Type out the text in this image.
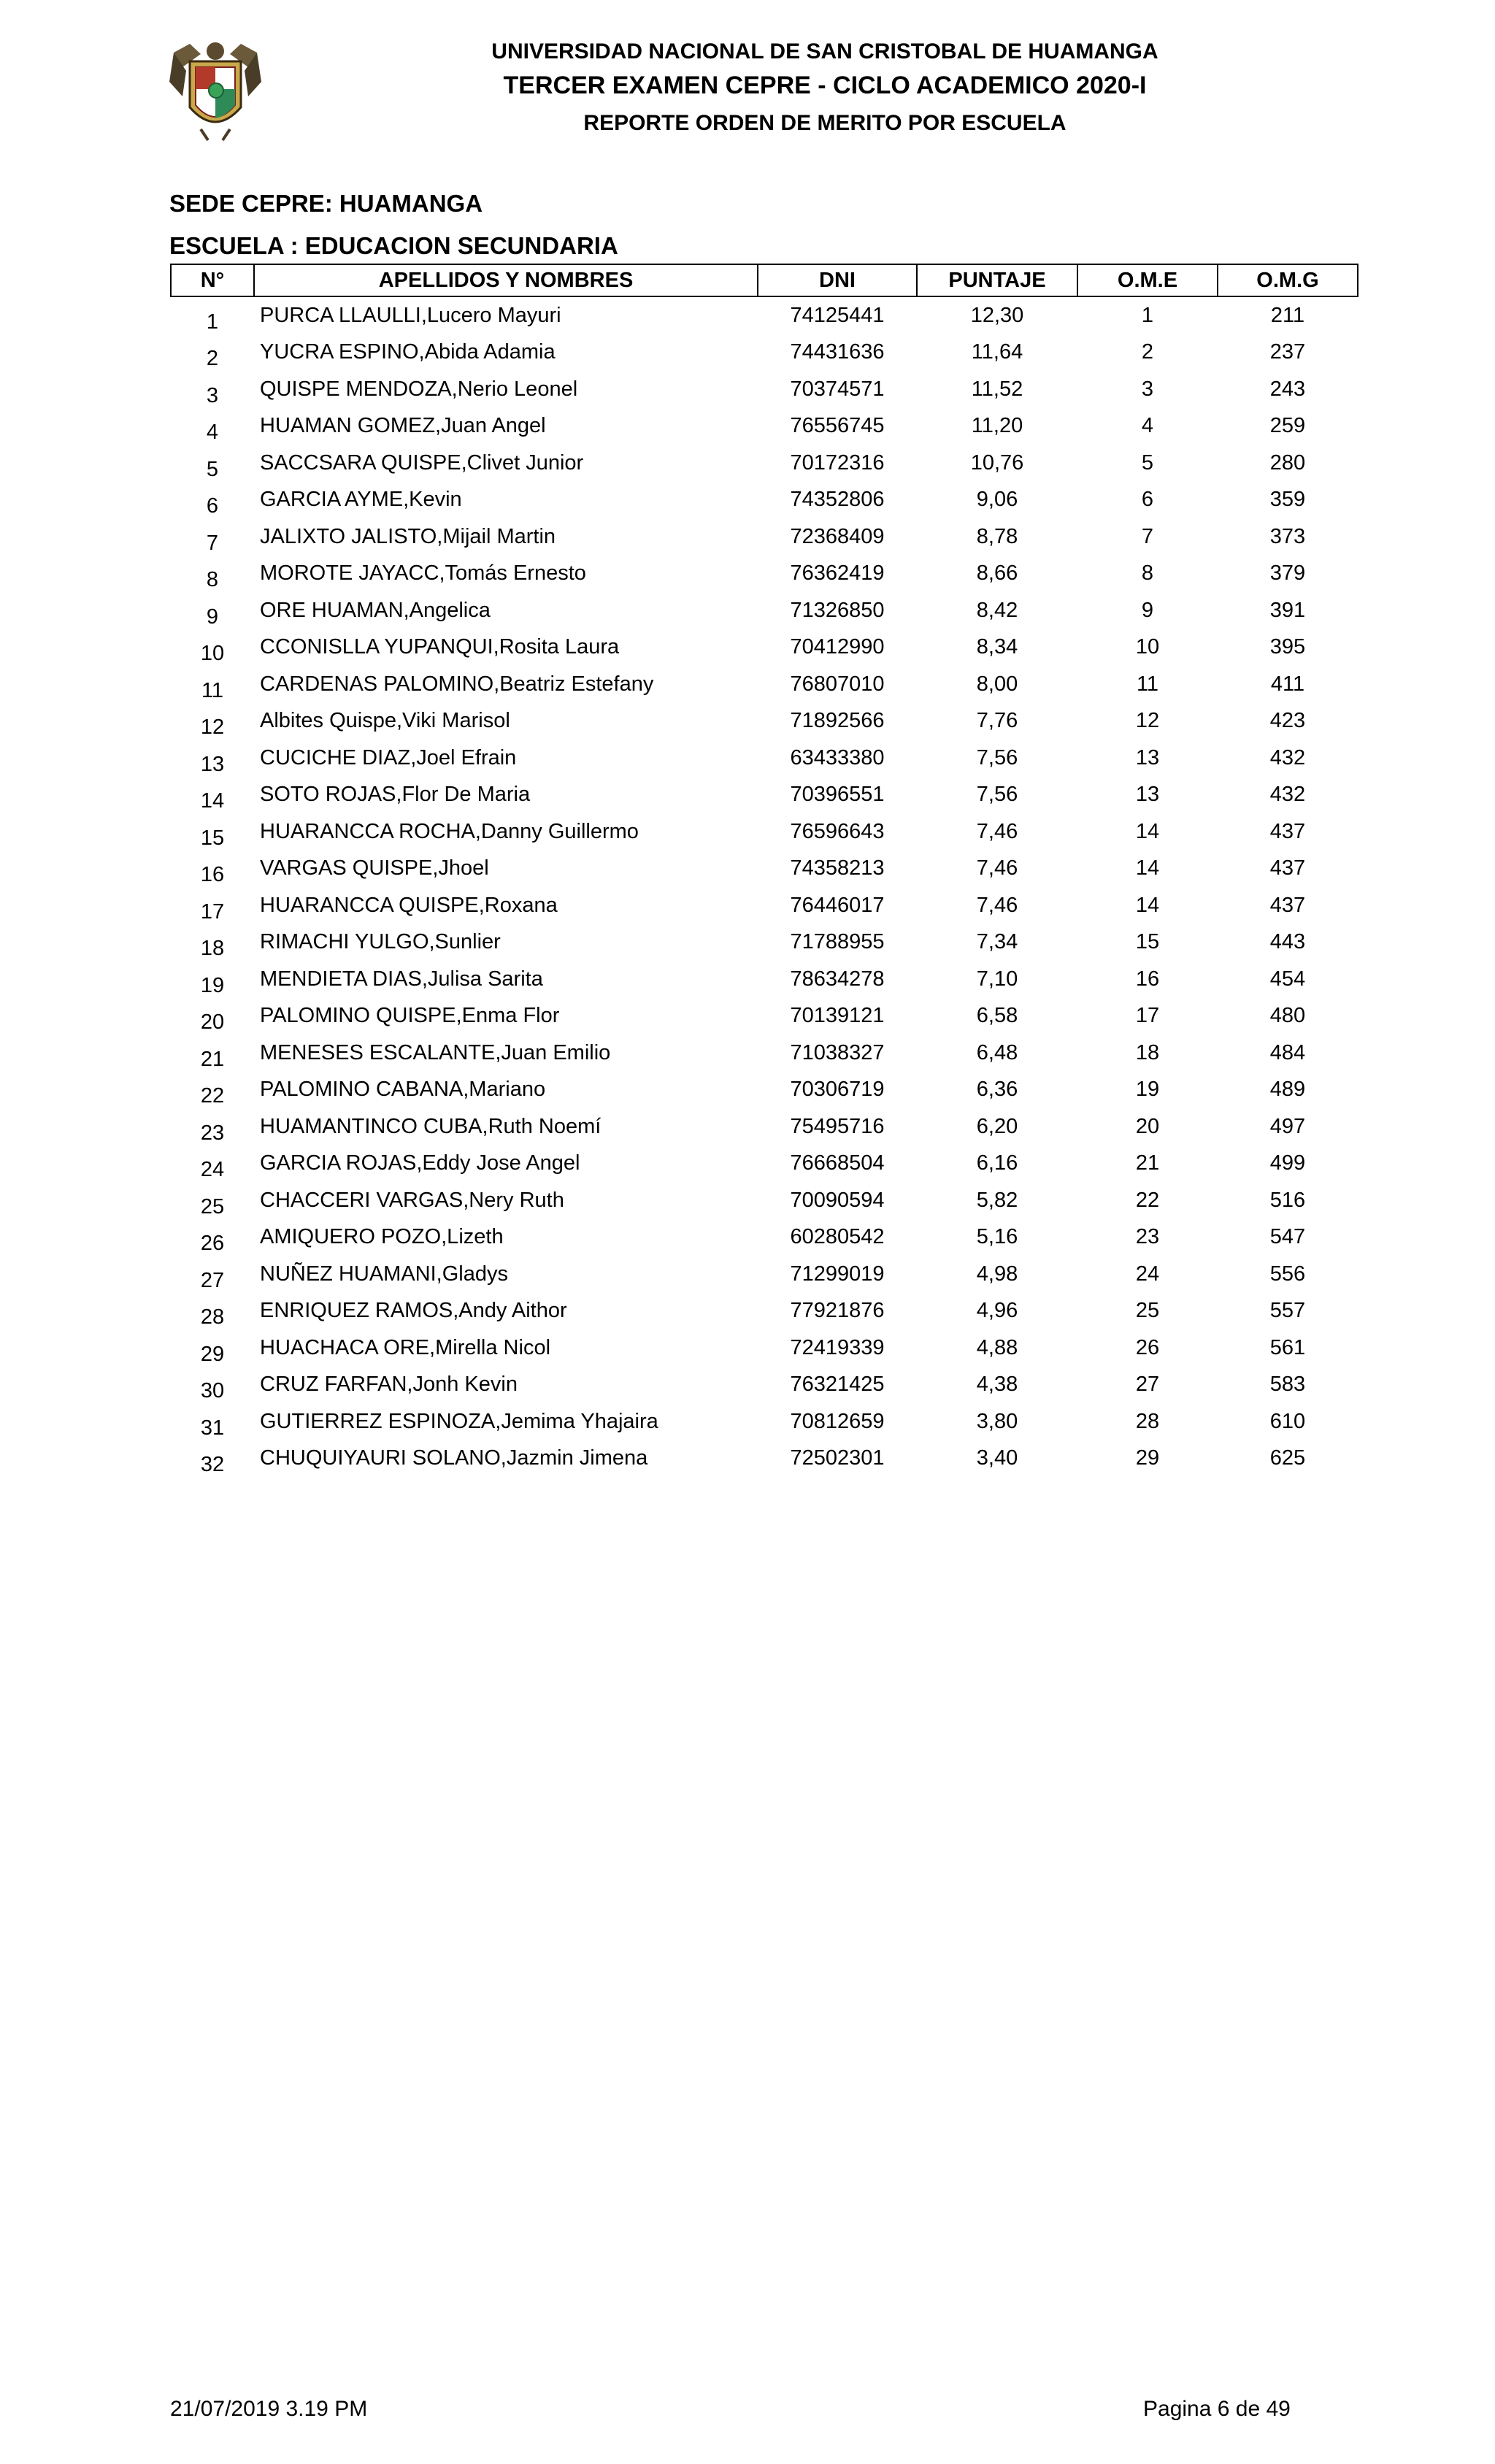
UNIVERSIDAD NACIONAL DE SAN CRISTOBAL DE HUAMANGA
TERCER EXAMEN CEPRE - CICLO ACADEMICO 2020-I
REPORTE ORDEN DE MERITO POR ESCUELA
SEDE CEPRE: HUAMANGA
ESCUELA : EDUCACION SECUNDARIA
N°	APELLIDOS Y NOMBRES	DNI	PUNTAJE	O.M.E	O.M.G
1	PURCA LLAULLI,Lucero Mayuri	74125441	12,30	1	211
2	YUCRA ESPINO,Abida Adamia	74431636	11,64	2	237
3	QUISPE MENDOZA,Nerio Leonel	70374571	11,52	3	243
4	HUAMAN GOMEZ,Juan Angel	76556745	11,20	4	259
5	SACCSARA QUISPE,Clivet Junior	70172316	10,76	5	280
6	GARCIA AYME,Kevin	74352806	9,06	6	359
7	JALIXTO JALISTO,Mijail Martin	72368409	8,78	7	373
8	MOROTE JAYACC,Tomás Ernesto	76362419	8,66	8	379
9	ORE HUAMAN,Angelica	71326850	8,42	9	391
10	CCONISLLA YUPANQUI,Rosita Laura	70412990	8,34	10	395
11	CARDENAS PALOMINO,Beatriz Estefany	76807010	8,00	11	411
12	Albites Quispe,Viki Marisol	71892566	7,76	12	423
13	CUCICHE DIAZ,Joel Efrain	63433380	7,56	13	432
14	SOTO ROJAS,Flor De Maria	70396551	7,56	13	432
15	HUARANCCA ROCHA,Danny Guillermo	76596643	7,46	14	437
16	VARGAS QUISPE,Jhoel	74358213	7,46	14	437
17	HUARANCCA QUISPE,Roxana	76446017	7,46	14	437
18	RIMACHI YULGO,Sunlier	71788955	7,34	15	443
19	MENDIETA DIAS,Julisa Sarita	78634278	7,10	16	454
20	PALOMINO QUISPE,Enma Flor	70139121	6,58	17	480
21	MENESES ESCALANTE,Juan Emilio	71038327	6,48	18	484
22	PALOMINO CABANA,Mariano	70306719	6,36	19	489
23	HUAMANTINCO CUBA,Ruth Noemí	75495716	6,20	20	497
24	GARCIA ROJAS,Eddy Jose Angel	76668504	6,16	21	499
25	CHACCERI VARGAS,Nery Ruth	70090594	5,82	22	516
26	AMIQUERO POZO,Lizeth	60280542	5,16	23	547
27	NUÑEZ HUAMANI,Gladys	71299019	4,98	24	556
28	ENRIQUEZ RAMOS,Andy Aithor	77921876	4,96	25	557
29	HUACHACA ORE,Mirella Nicol	72419339	4,88	26	561
30	CRUZ FARFAN,Jonh Kevin	76321425	4,38	27	583
31	GUTIERREZ ESPINOZA,Jemima Yhajaira	70812659	3,80	28	610
32	CHUQUIYAURI SOLANO,Jazmin Jimena	72502301	3,40	29	625
21/07/2019 3.19 PM	Pagina 6 de 49
